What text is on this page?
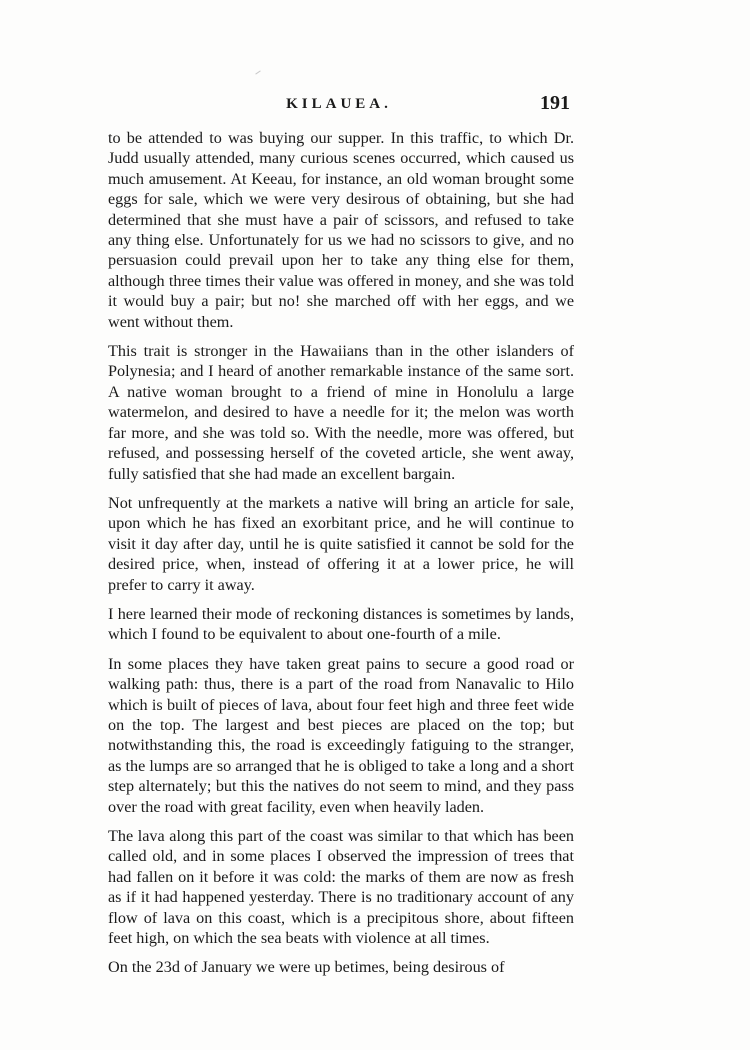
KILAUEA.	191

to be attended to was buying our supper. In this traffic, to which Dr. Judd usually attended, many curious scenes occurred, which caused us much amusement. At Keeau, for instance, an old woman brought some eggs for sale, which we were very desirous of obtaining, but she had determined that she must have a pair of scissors, and refused to take any thing else. Unfortunately for us we had no scissors to give, and no persuasion could prevail upon her to take any thing else for them, although three times their value was offered in money, and she was told it would buy a pair; but no! she marched off with her eggs, and we went without them.

This trait is stronger in the Hawaiians than in the other islanders of Polynesia; and I heard of another remarkable instance of the same sort. A native woman brought to a friend of mine in Honolulu a large watermelon, and desired to have a needle for it; the melon was worth far more, and she was told so. With the needle, more was offered, but refused, and possessing herself of the coveted article, she went away, fully satisfied that she had made an excellent bargain.

Not unfrequently at the markets a native will bring an article for sale, upon which he has fixed an exorbitant price, and he will continue to visit it day after day, until he is quite satisfied it cannot be sold for the desired price, when, instead of offering it at a lower price, he will prefer to carry it away.

I here learned their mode of reckoning distances is sometimes by lands, which I found to be equivalent to about one-fourth of a mile.

In some places they have taken great pains to secure a good road or walking path: thus, there is a part of the road from Nanavalic to Hilo which is built of pieces of lava, about four feet high and three feet wide on the top. The largest and best pieces are placed on the top; but notwithstanding this, the road is exceedingly fatiguing to the stranger, as the lumps are so arranged that he is obliged to take a long and a short step alternately; but this the natives do not seem to mind, and they pass over the road with great facility, even when heavily laden.

The lava along this part of the coast was similar to that which has been called old, and in some places I observed the impression of trees that had fallen on it before it was cold: the marks of them are now as fresh as if it had happened yesterday. There is no traditionary account of any flow of lava on this coast, which is a precipitous shore, about fifteen feet high, on which the sea beats with violence at all times.

On the 23d of January we were up betimes, being desirous of
